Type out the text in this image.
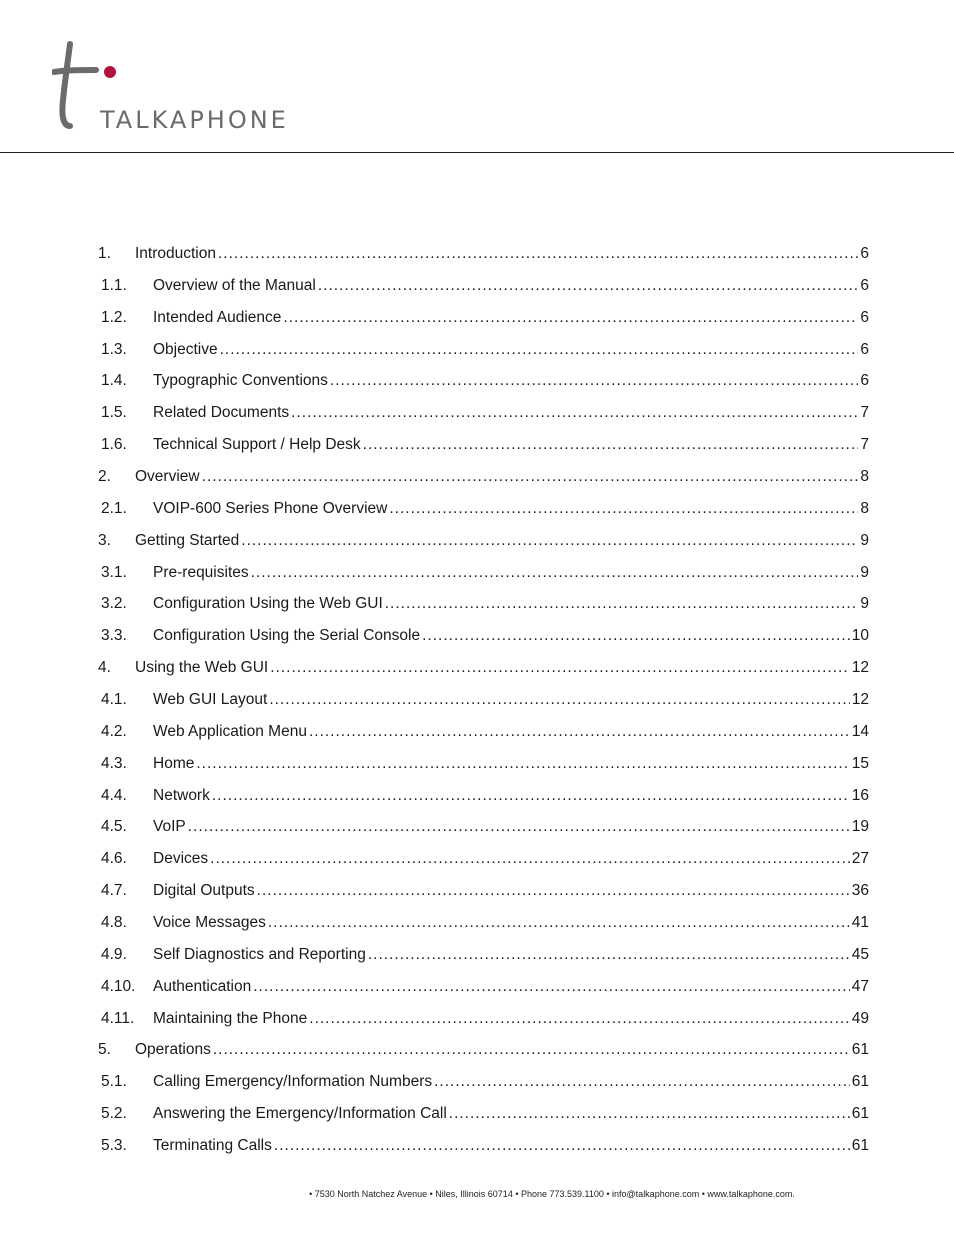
TALKAPHONE
1.	Introduction .....	6
1.1.	Overview of the Manual .....	6
1.2.	Intended Audience .....	6
1.3.	Objective .....	6
1.4.	Typographic Conventions .....	6
1.5.	Related Documents .....	7
1.6.	Technical Support / Help Desk .....	7
2.	Overview .....	8
2.1.	VOIP-600 Series Phone Overview .....	8
3.	Getting Started .....	9
3.1.	Pre-requisites .....	9
3.2.	Configuration Using the Web GUI .....	9
3.3.	Configuration Using the Serial Console .....	10
4.	Using the Web GUI .....	12
4.1.	Web GUI Layout .....	12
4.2.	Web Application Menu .....	14
4.3.	Home .....	15
4.4.	Network .....	16
4.5.	VoIP .....	19
4.6.	Devices .....	27
4.7.	Digital Outputs .....	36
4.8.	Voice Messages .....	41
4.9.	Self Diagnostics and Reporting .....	45
4.10.	Authentication .....	47
4.11.	Maintaining the Phone .....	49
5.	Operations .....	61
5.1.	Calling Emergency/Information Numbers .....	61
5.2.	Answering the Emergency/Information Call .....	61
5.3.	Terminating Calls .....	61
• 7530 North Natchez Avenue • Niles, Illinois 60714 • Phone 773.539.1100 • info@talkaphone.com • www.talkaphone.com.
